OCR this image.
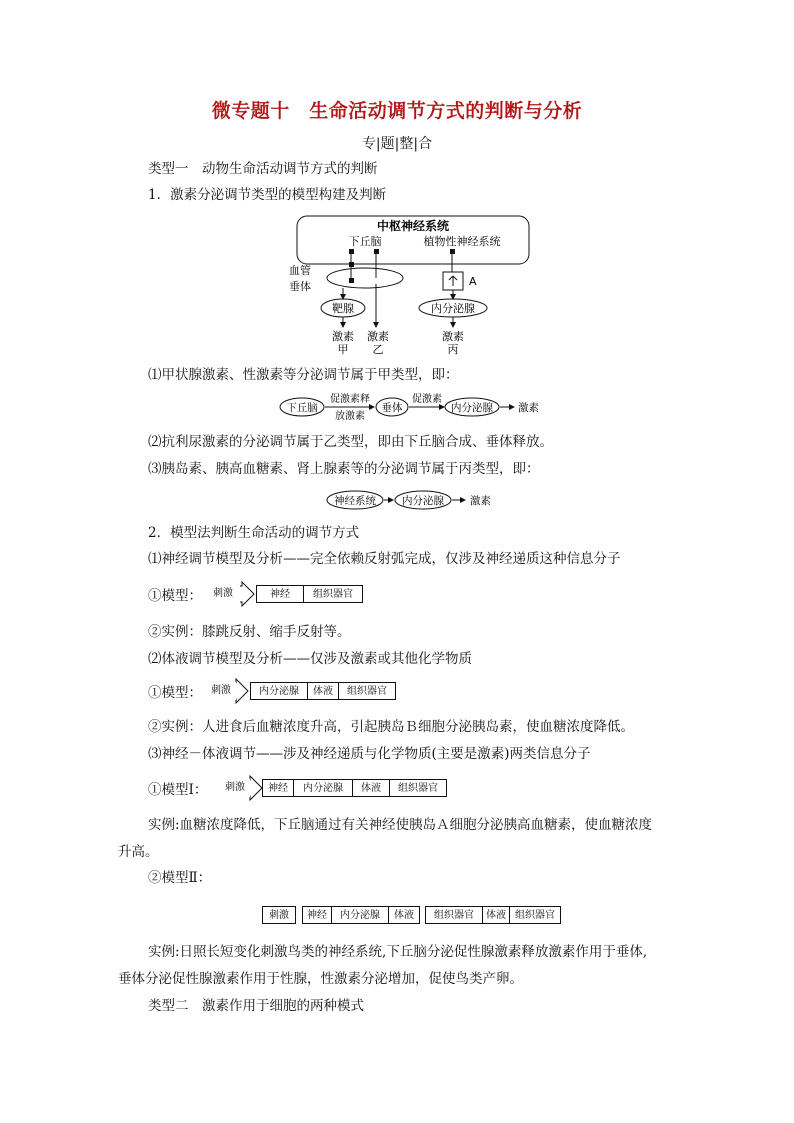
微专题十　生命活动调节方式的判断与分析
专|题|整|合
类型一　动物生命活动调节方式的判断
1．激素分泌调节类型的模型构建及判断
中枢神经系统
下丘脑	植物性神经系统
血管
垂体	A
靶腺	内分泌腺
激素
甲
激素
乙
激素
丙
⑴甲状腺激素、性激素等分泌调节属于甲类型，即：
下丘脑
促激素释
放激素
垂体
促激素
内分泌腺 激素
⑵抗利尿激素的分泌调节属于乙类型，即由下丘脑合成、垂体释放。
⑶胰岛素、胰高血糖素、肾上腺素等的分泌调节属于丙类型，即：
神经系统 内分泌腺 激素
2．模型法判断生命活动的调节方式
⑴神经调节模型及分析——完全依赖反射弧完成，仅涉及神经递质这种信息分子
①模型：	刺激	神经	组织器官
②实例：膝跳反射、缩手反射等。
⑵体液调节模型及分析——仅涉及激素或其他化学物质
①模型： 刺激	内分泌腺	体液	组织器官
②实例：人进食后血糖浓度升高，引起胰岛Ｂ细胞分泌胰岛素，使血糖浓度降低。
⑶神经－体液调节——涉及神经递质与化学物质(主要是激素)两类信息分子
①模型Ⅰ：	刺激	神经	内分泌腺	体液	组织器官
实例:血糖浓度降低，下丘脑通过有关神经使胰岛Ａ细胞分泌胰高血糖素，使血糖浓度
升高。
②模型Ⅱ：
刺激	神经	内分泌腺	体液	组织器官	体液 组织器官
实例:日照长短变化刺激鸟类的神经系统,下丘脑分泌促性腺激素释放激素作用于垂体,
垂体分泌促性腺激素作用于性腺，性激素分泌增加，促使鸟类产卵。
类型二　激素作用于细胞的两种模式
